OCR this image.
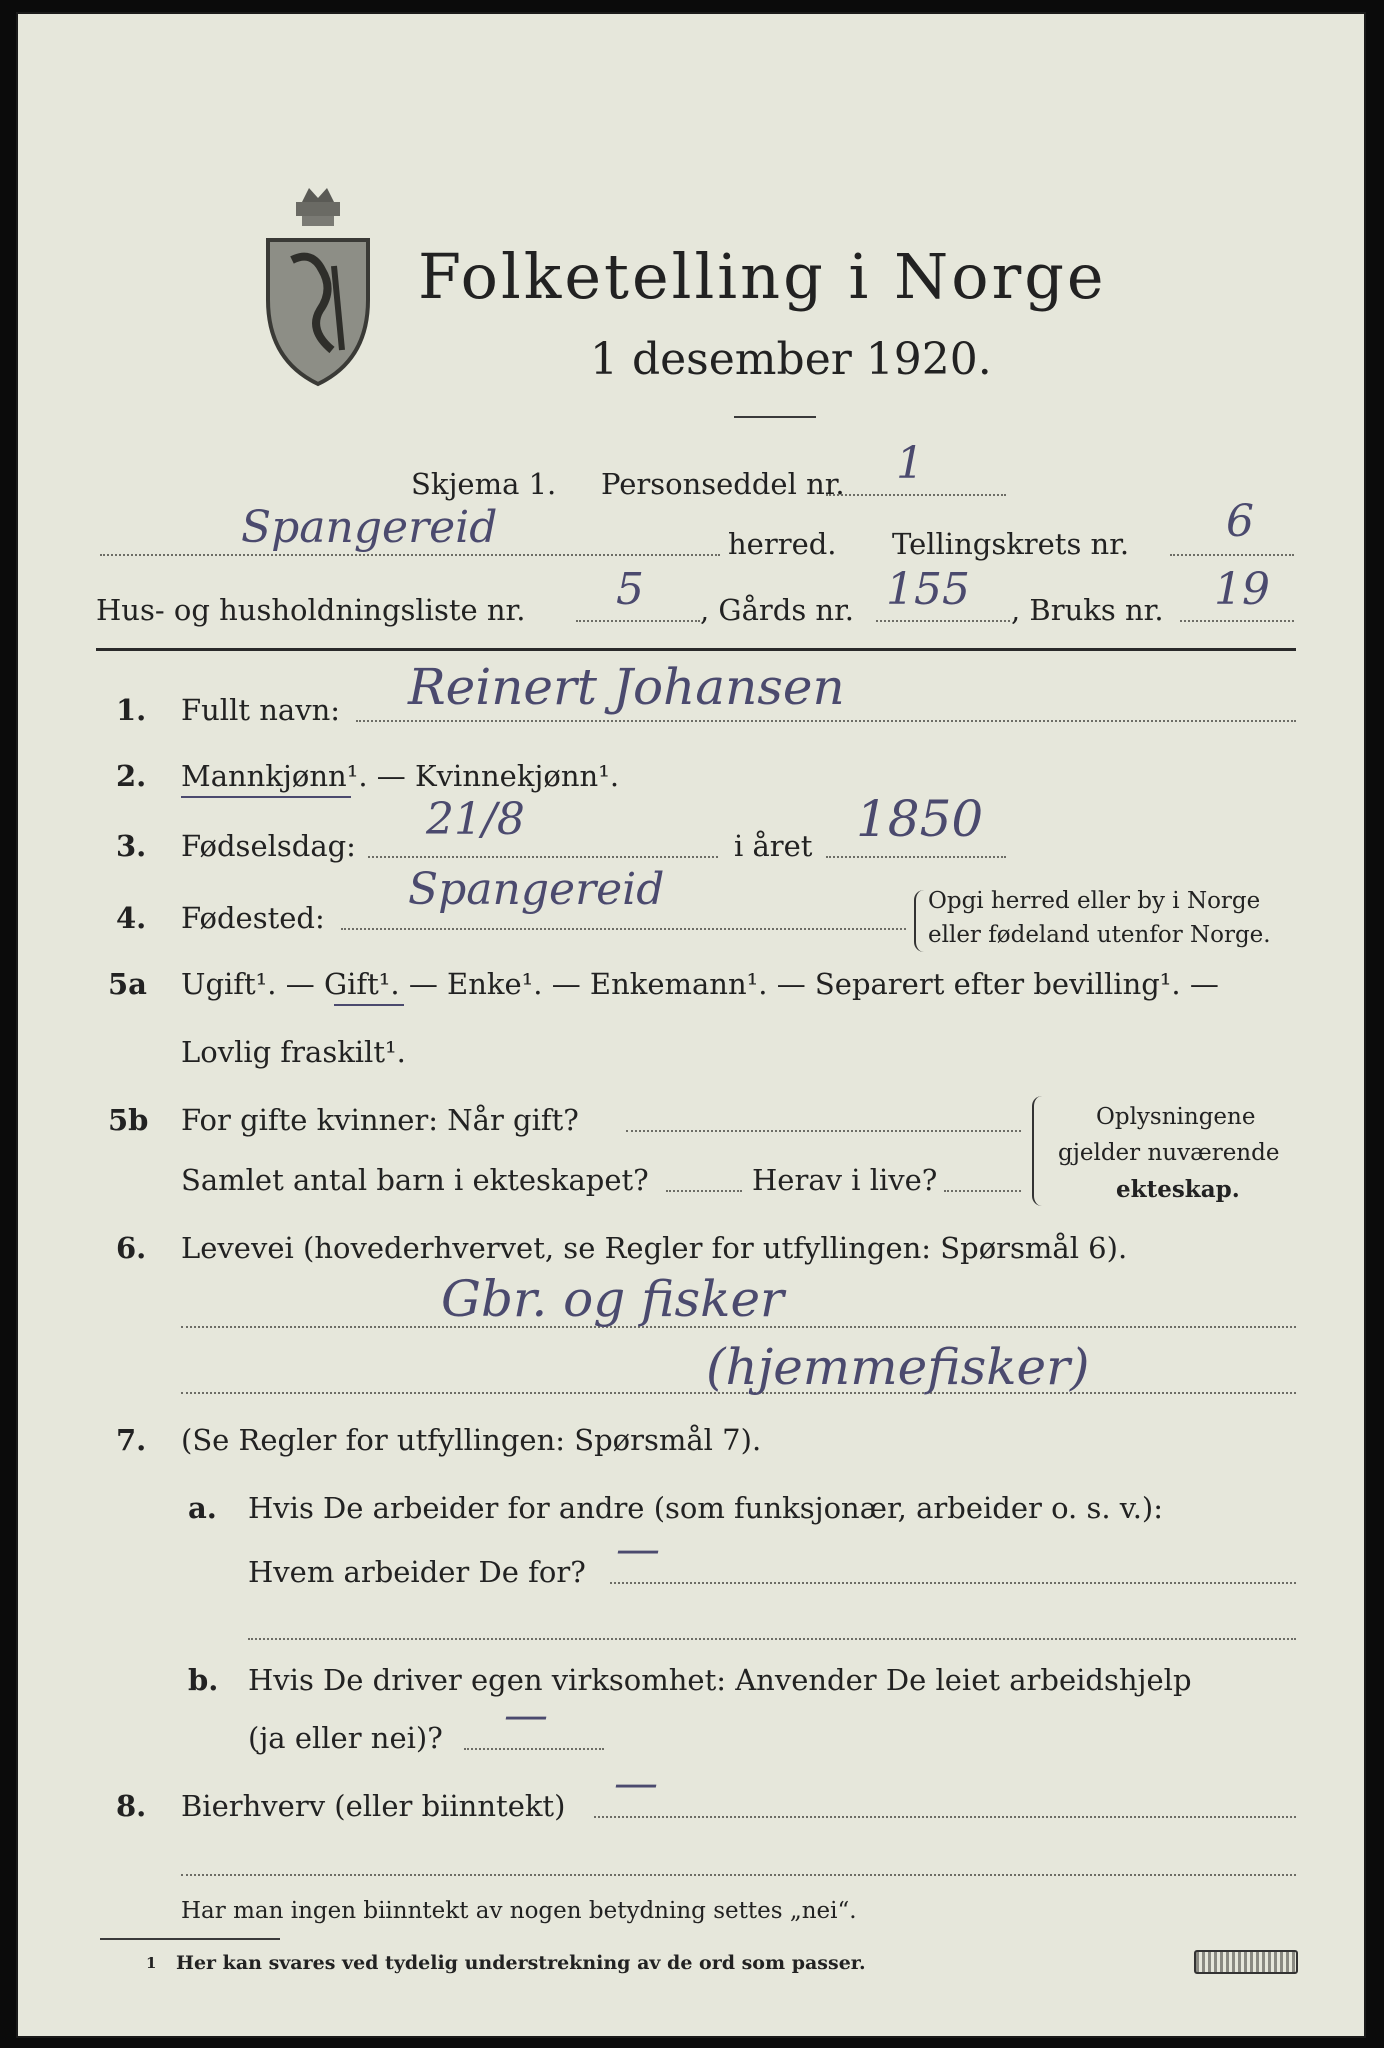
Folketelling i Norge
1 desember 1920.
Skjema 1. Personseddel nr. 1
Spangereid	herred. Tellingskrets nr. 6
Hus- og husholdningsliste nr. 5 , Gårds nr. 155 , Bruks nr. 19
1. Fullt navn: Reinert Johansen
2. Mannkjønn¹. — Kvinnekjønn¹.
3. Fødselsdag:
21/8
i året 1850
4. Fødested:
Spangereid	Opgi herred eller by i Norge
eller fødeland utenfor Norge.
5a Ugift¹. — Gift¹. — Enke¹. — Enkemann¹. — Separert efter bevilling¹. —
Lovlig fraskilt¹.
5b For gifte kvinner: Når gift?
Samlet antal barn i ekteskapet?	Herav i live?
Oplysningene
gjelder nuværende
ekteskap.
6. Levevei (hovederhvervet, se Regler for utfyllingen: Spørsmål 6).
Gbr. og fisker
(hjemmefisker)
7. (Se Regler for utfyllingen: Spørsmål 7).
a. Hvis De arbeider for andre (som funksjonær, arbeider o. s. v.):
Hvem arbeider De for? —
b. Hvis De driver egen virksomhet: Anvender De leiet arbeidshjelp
(ja eller nei)? —
8. Bierhverv (eller biinntekt) —
Har man ingen biinntekt av nogen betydning settes „nei“.
1 Her kan svares ved tydelig understrekning av de ord som passer.
